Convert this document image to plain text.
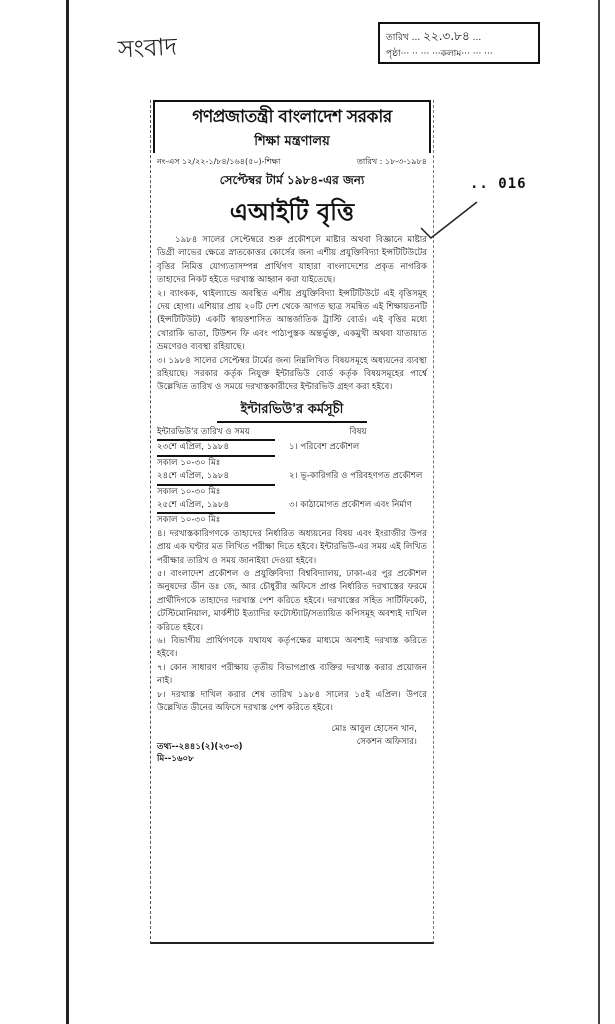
সংবাদ	তারিখ ... ২২.৩.৮৪ ...
পৃষ্ঠা··· ·· ··· ···কলাম··· ··· ···
.. 016
গণপ্রজাতন্ত্রী বাংলাদেশ সরকার
শিক্ষা মন্ত্রণালয়
নং-এস ১২/২২-১/৮৪/১৬৪(৫০)-শিক্ষা	তারিখ : ১৮-৩-১৯৮৪
সেপ্টেম্বর টার্ম ১৯৮৪-এর জন্য
এআইটি বৃত্তি

১৯৮৪ সালের সেপ্টেম্বরে শুরু প্রকৌশলে মাষ্টার অথবা বিজ্ঞানে মাষ্টার ডিগ্রী লাভের ক্ষেত্রে স্নাতকোত্তর কোর্সের জন্য এশীয় প্রযুক্তিবিদ্যা ইন্সটিটিউটের বৃত্তির নিমিত্ত যোগ্যতাসম্পন্ন প্রার্থিগণ যাহারা বাংলাদেশের প্রকৃত নাগরিক তাহাদের নিকট হইতে দরখাস্ত আহ্বান করা যাইতেছে।

২। ব্যাংকক, থাইল্যান্ডে অবস্থিত এশীয় প্রযুক্তিবিদ্যা ইন্সটিটিউটে এই বৃত্তিসমূহ দেয় হোগা। এশিয়ার প্রায় ২০টি দেশ থেকে আগত ছাত্র সমন্বিত এই শিক্ষায়তনটি (ইন্সটিটিউট) একটি স্বায়ত্তশাসিত আন্তর্জাতিক ট্রাস্টি বোর্ড। এই বৃত্তির মধ্যে খোরাকি ভাতা, টিউশন ফি এবং পাঠ্যপুস্তক অন্তর্ভুক্ত, একমুখী অথবা যাতায়াত ভ্রমণেরও ব্যবস্থা রহিয়াছে।

৩। ১৯৮৪ সালের সেপ্টেম্বর টার্মের জন্য নিম্নলিখিত বিষয়সমূহে অধ্যয়নের ব্যবস্থা রহিয়াছে। সরকার কর্তৃক নিযুক্ত ইন্টারভিউ বোর্ড কর্তৃক বিষয়সমূহের পার্শ্বে উল্লেখিত তারিখ ও সময়ে দরখাস্তকারীদের ইন্টারভিউ গ্রহণ করা হইবে।

ইন্টারভিউ'র কর্মসূচী
ইন্টারভিউ'র তারিখ ও সময়	বিষয়
২৩শে এপ্রিল, ১৯৮৪
সকাল ১০-৩০ মিঃ
১। পরিবেশ প্রকৌশল
২৪শে এপ্রিল, ১৯৮৪
সকাল ১০-৩০ মিঃ
২। ভূ-কারিগরি ও পরিবহণগত প্রকৌশল
২৫শে এপ্রিল, ১৯৮৪
সকাল ১০-৩০ মিঃ
৩। কাঠামোগত প্রকৌশল এবং নির্মাণ

৪। দরখাস্তকারিগণকে তাহাদের নির্ধারিত অধ্যয়নের বিষয় এবং ইংরাজীর উপর প্রায় এক ঘণ্টার মত লিখিত পরীক্ষা দিতে হইবে। ইন্টারভিউ-এর সময় এই লিখিত পরীক্ষার তারিখ ও সময় জানাইয়া দেওয়া হইবে।

৫। বাংলাদেশ প্রকৌশল ও প্রযুক্তিবিদ্যা বিশ্ববিদ্যালয়, ঢাকা-এর পুর প্রকৌশল অনুষদের ডীন ডঃ জে, আর চৌধুরীর অফিসে প্রাপ্ত নির্ধারিত দরখাস্তের ফরমে প্রার্থীদিগকে তাহাদের দরখাস্ত পেশ করিতে হইবে। দরখাস্তের সহিত সার্টিফিকেট, টেস্টিমোনিয়াল, মার্কশীট ইত্যাদির ফটোস্ট্যাট/সত্যায়িত কপিসমূহ অবশ্যই দাখিল করিতে হইবে।

৬। বিভাগীয় প্রার্থিগণকে যথাযথ কর্তৃপক্ষের মাধ্যমে অবশ্যই দরখাস্ত করিতে হইবে।

৭। কোন সাধারণ পরীক্ষায় তৃতীয় বিভাগপ্রাপ্ত ব্যক্তির দরখাস্ত করার প্রয়োজন নাই।

৮। দরখাস্ত দাখিল করার শেষ তারিখ ১৯৮৪ সালের ১৫ই এপ্রিল। উপরে উল্লেখিত ডীনের অফিসে দরখাস্ত পেশ করিতে হইবে।

মোঃ আবুল হোসেন খান,
সেকশন অফিসার।
তথ্য--২৪৪১(২)(২৩-৩)
মি--১৬০৮
